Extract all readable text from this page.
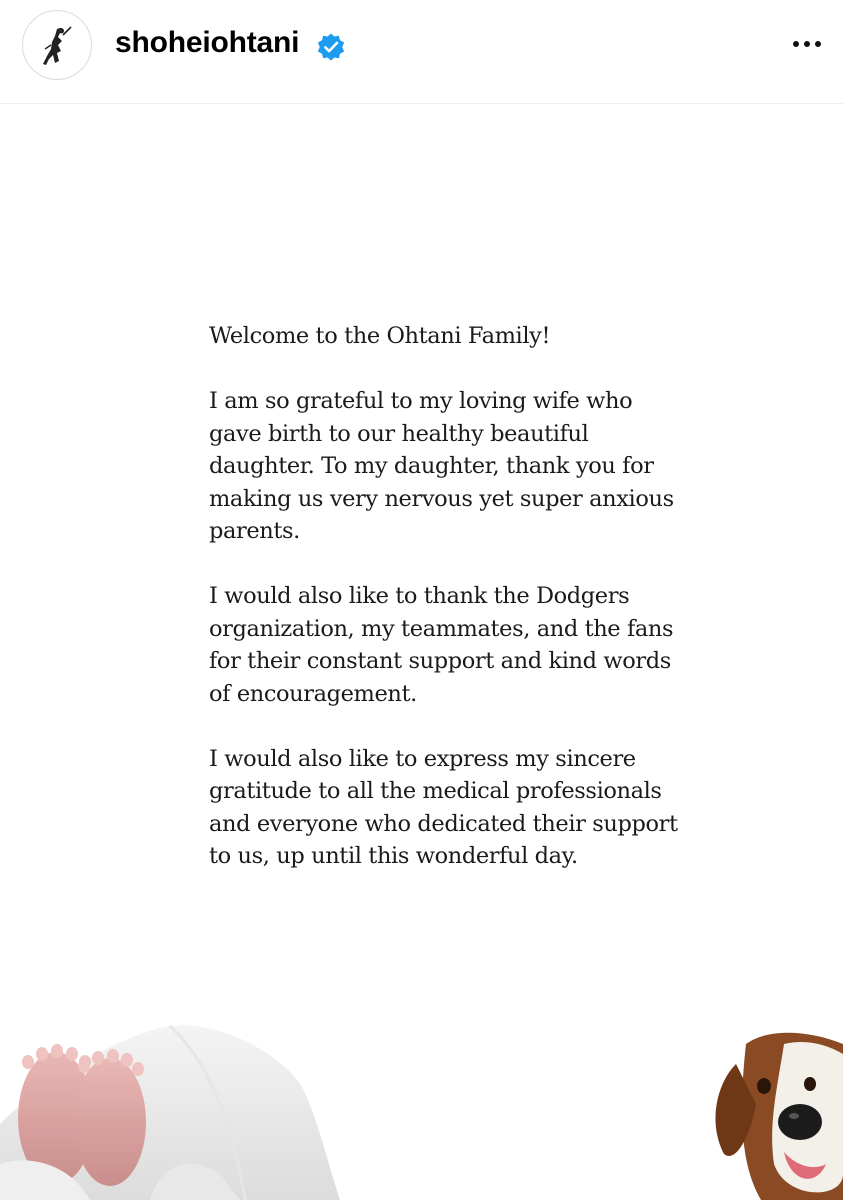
shoheiohtani

Welcome to the Ohtani Family!

I am so grateful to my loving wife who gave birth to our healthy beautiful daughter. To my daughter, thank you for making us very nervous yet super anxious parents.

I would also like to thank the Dodgers organization, my teammates, and the fans for their constant support and kind words of encouragement.

I would also like to express my sincere gratitude to all the medical professionals and everyone who dedicated their support to us, up until this wonderful day.
